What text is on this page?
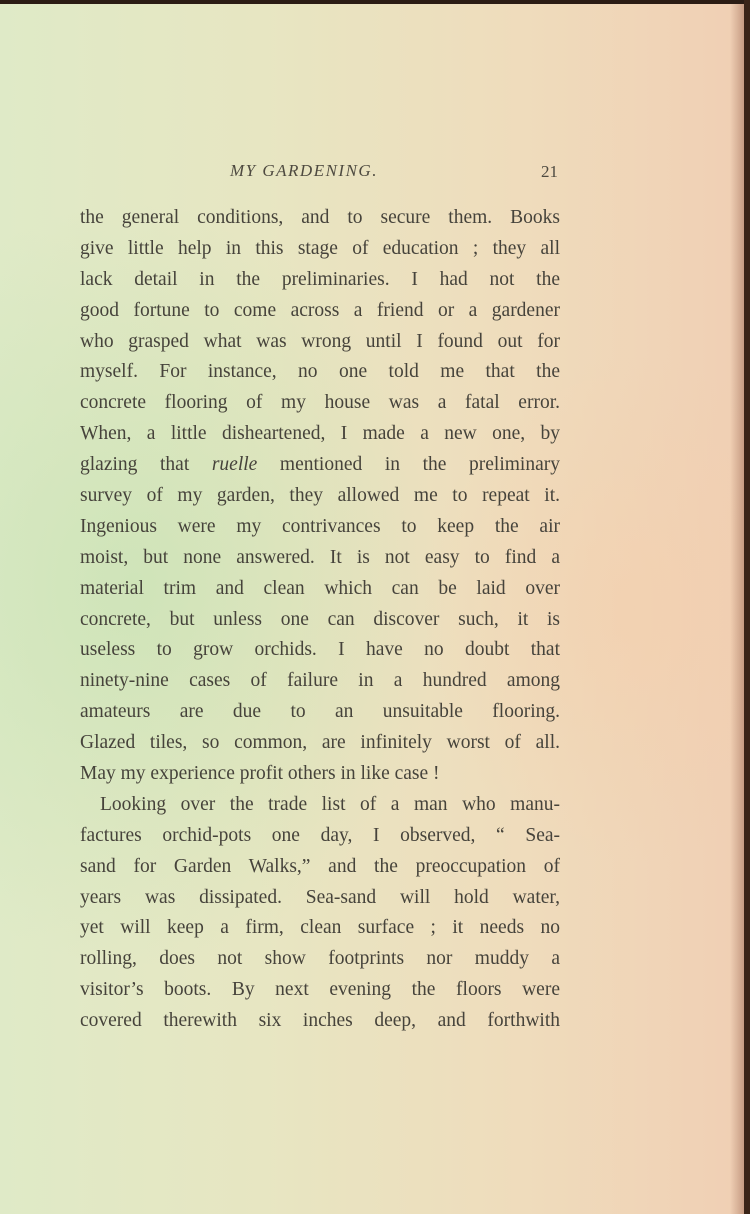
MY GARDENING.	21
the general conditions, and to secure them. Books
give little help in this stage of education ; they all
lack detail in the preliminaries. I had not the
good fortune to come across a friend or a gardener
who grasped what was wrong until I found out for
myself. For instance, no one told me that the
concrete flooring of my house was a fatal error.
When, a little disheartened, I made a new one, by
glazing that ruelle mentioned in the preliminary
survey of my garden, they allowed me to repeat it.
Ingenious were my contrivances to keep the air
moist, but none answered. It is not easy to find a
material trim and clean which can be laid over
concrete, but unless one can discover such, it is
useless to grow orchids. I have no doubt that
ninety-nine cases of failure in a hundred among
amateurs are due to an unsuitable flooring.
Glazed tiles, so common, are infinitely worst of all.
May my experience profit others in like case !
Looking over the trade list of a man who manu-
factures orchid-pots one day, I observed, “ Sea-
sand for Garden Walks,” and the preoccupation of
years was dissipated. Sea-sand will hold water,
yet will keep a firm, clean surface ; it needs no
rolling, does not show footprints nor muddy a
visitor’s boots. By next evening the floors were
covered therewith six inches deep, and forthwith
